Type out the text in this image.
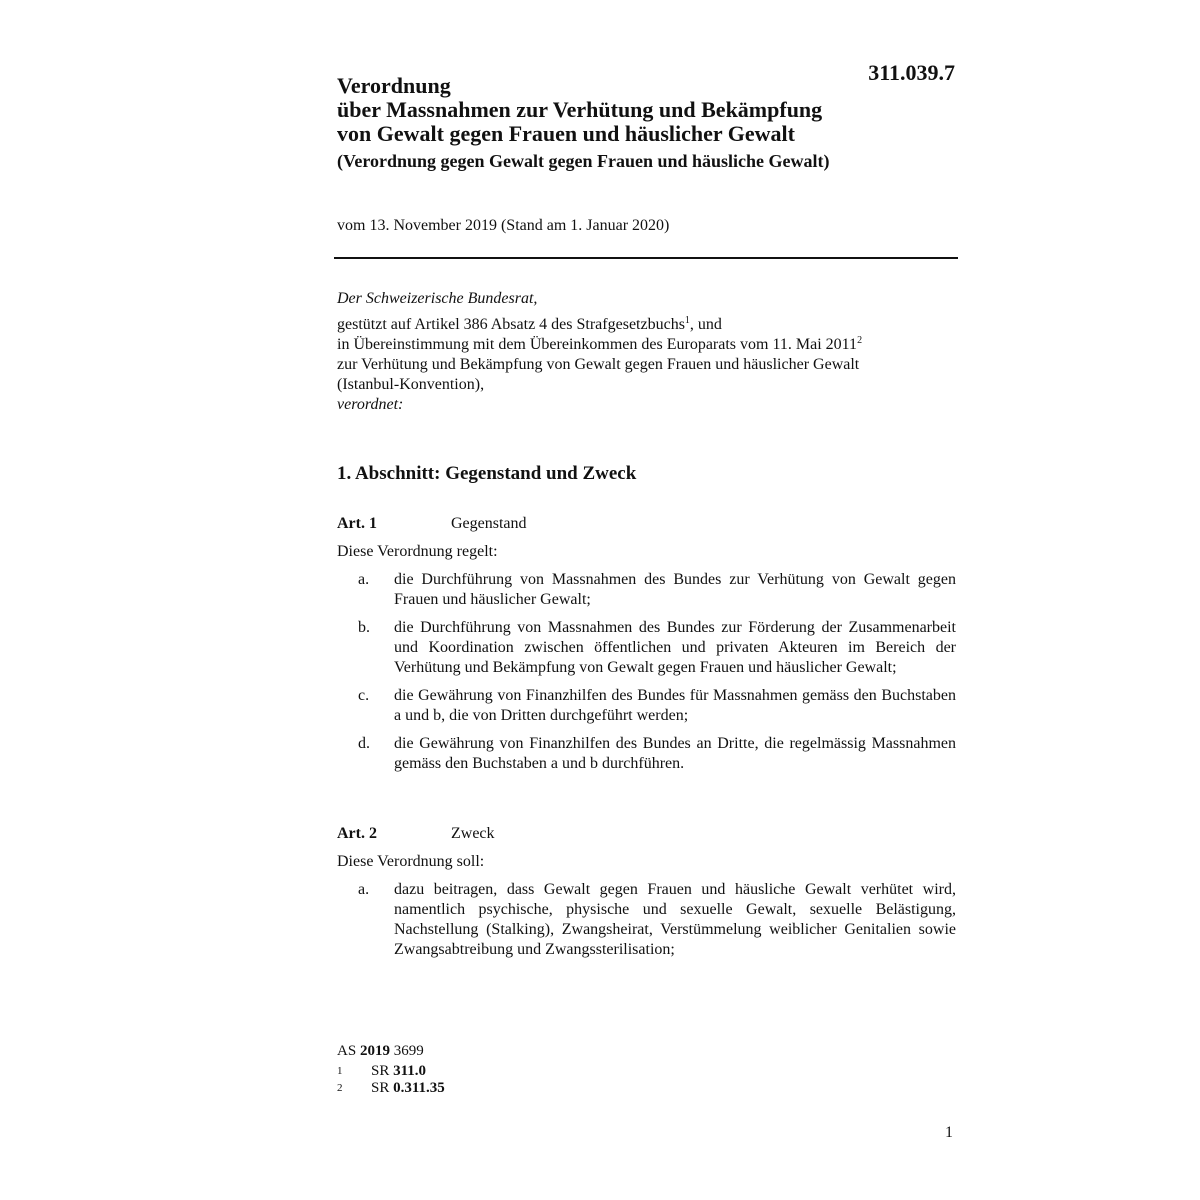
311.039.7
Verordnung
über Massnahmen zur Verhütung und Bekämpfung
von Gewalt gegen Frauen und häuslicher Gewalt
(Verordnung gegen Gewalt gegen Frauen und häusliche Gewalt)
vom 13. November 2019 (Stand am 1. Januar 2020)
Der Schweizerische Bundesrat,
gestützt auf Artikel 386 Absatz 4 des Strafgesetzbuchs$^1$, und
in Übereinstimmung mit dem Übereinkommen des Europarats vom 11. Mai 2011$^2$
zur Verhütung und Bekämpfung von Gewalt gegen Frauen und häuslicher Gewalt
(Istanbul-Konvention),
verordnet:
1. Abschnitt: Gegenstand und Zweck
Art. 1	Gegenstand
Diese Verordnung regelt:
a.	die Durchführung von Massnahmen des Bundes zur Verhütung von Gewalt gegen Frauen und häuslicher Gewalt;
b.	die Durchführung von Massnahmen des Bundes zur Förderung der Zusammenarbeit und Koordination zwischen öffentlichen und privaten Akteuren im Bereich der Verhütung und Bekämpfung von Gewalt gegen Frauen und häuslicher Gewalt;
c.	die Gewährung von Finanzhilfen des Bundes für Massnahmen gemäss den Buchstaben a und b, die von Dritten durchgeführt werden;
d.	die Gewährung von Finanzhilfen des Bundes an Dritte, die regelmässig Massnahmen gemäss den Buchstaben a und b durchführen.
Art. 2	Zweck
Diese Verordnung soll:
a.	dazu beitragen, dass Gewalt gegen Frauen und häusliche Gewalt verhütet wird, namentlich psychische, physische und sexuelle Gewalt, sexuelle Belästigung, Nachstellung (Stalking), Zwangsheirat, Verstümmelung weiblicher Genitalien sowie Zwangsabtreibung und Zwangssterilisation;
AS 2019 3699
1	SR
311.0
2	SR
0.311.35
1
